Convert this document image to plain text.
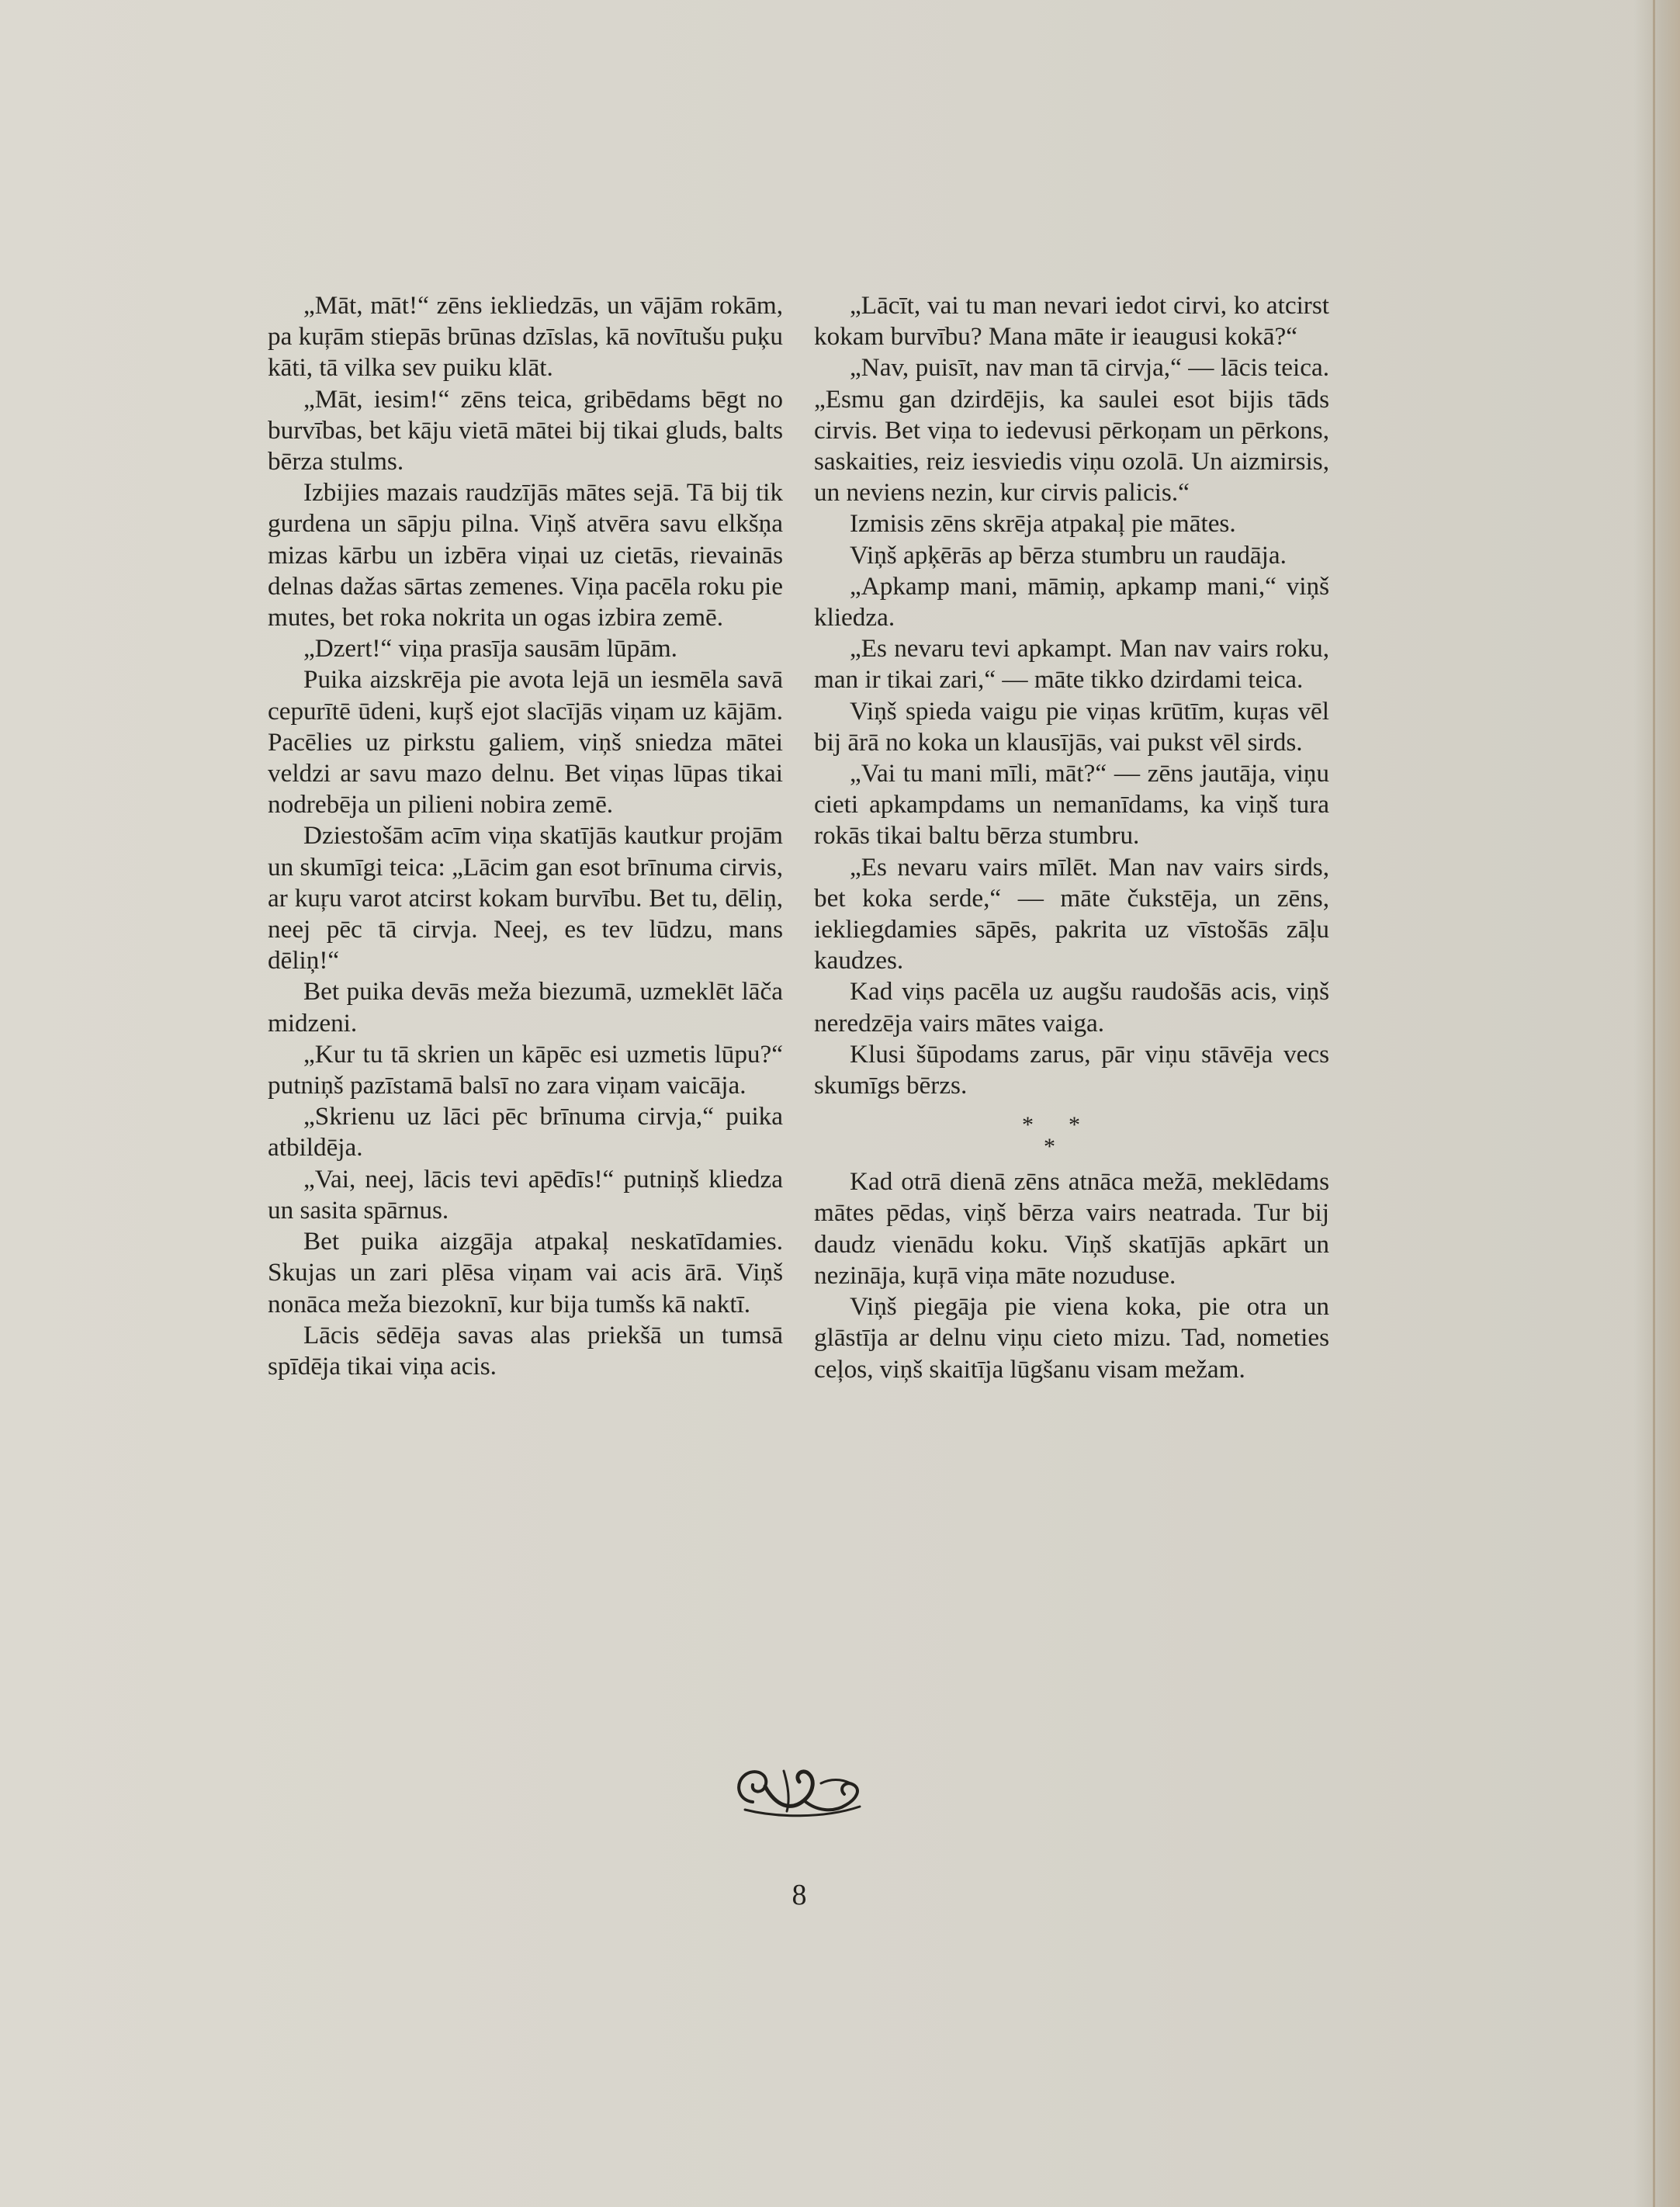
„Māt, māt!“ zēns iekliedzās, un vājām rokām, pa kuŗām stiepās brūnas dzīslas, kā novītušu puķu kāti, tā vilka sev puiku klāt.

„Māt, iesim!“ zēns teica, gribēdams bēgt no burvības, bet kāju vietā mātei bij tikai gluds, balts bērza stulms.

Izbijies mazais raudzījās mātes sejā. Tā bij tik gurdena un sāpju pilna. Viņš atvēra savu elkšņa mizas kārbu un izbēra viņai uz cietās, rievainās delnas dažas sārtas zemenes. Viņa pacēla roku pie mutes, bet roka nokrita un ogas izbira zemē.

„Dzert!“ viņa prasīja sausām lūpām.

Puika aizskrēja pie avota lejā un iesmēla savā cepurītē ūdeni, kuŗš ejot slacījās viņam uz kājām. Pacēlies uz pirkstu galiem, viņš sniedza mātei veldzi ar savu mazo delnu. Bet viņas lūpas tikai nodrebēja un pilieni nobira zemē.

Dziestošām acīm viņa skatījās kautkur projām un skumīgi teica: „Lācim gan esot brīnuma cirvis, ar kuŗu varot atcirst kokam burvību. Bet tu, dēliņ, neej pēc tā cirvja. Neej, es tev lūdzu, mans dēliņ!“

Bet puika devās meža biezumā, uzmeklēt lāča midzeni.

„Kur tu tā skrien un kāpēc esi uzmetis lūpu?“ putniņš pazīstamā balsī no zara viņam vaicāja.

„Skrienu uz lāci pēc brīnuma cirvja,“ puika atbildēja.

„Vai, neej, lācis tevi apēdīs!“ putniņš kliedza un sasita spārnus.

Bet puika aizgāja atpakaļ neskatīdamies. Skujas un zari plēsa viņam vai acis ārā. Viņš nonāca meža biezoknī, kur bija tumšs kā naktī.

Lācis sēdēja savas alas priekšā un tumsā spīdēja tikai viņa acis.

„Lācīt, vai tu man nevari iedot cirvi, ko atcirst kokam burvību? Mana māte ir ieaugusi kokā?“

„Nav, puisīt, nav man tā cirvja,“ — lācis teica. „Esmu gan dzirdējis, ka saulei esot bijis tāds cirvis. Bet viņa to iedevusi pērkoņam un pērkons, saskaities, reiz iesviedis viņu ozolā. Un aizmirsis, un neviens nezin, kur cirvis palicis.“

Izmisis zēns skrēja atpakaļ pie mātes.

Viņš apķērās ap bērza stumbru un raudāja.

„Apkamp mani, māmiņ, apkamp mani,“ viņš kliedza.

„Es nevaru tevi apkampt. Man nav vairs roku, man ir tikai zari,“ — māte tikko dzirdami teica.

Viņš spieda vaigu pie viņas krūtīm, kuŗas vēl bij ārā no koka un klausījās, vai pukst vēl sirds.

„Vai tu mani mīli, māt?“ — zēns jautāja, viņu cieti apkampdams un nemanīdams, ka viņš tura rokās tikai baltu bērza stumbru.

„Es nevaru vairs mīlēt. Man nav vairs sirds, bet koka serde,“ — māte čukstēja, un zēns, iekliegdamies sāpēs, pakrita uz vīstošās zāļu kaudzes.

Kad viņs pacēla uz augšu raudošās acis, viņš neredzēja vairs mātes vaiga.

Klusi šūpodams zarus, pār viņu stāvēja vecs skumīgs bērzs.

* *
*

Kad otrā dienā zēns atnāca mežā, meklēdams mātes pēdas, viņš bērza vairs neatrada. Tur bij daudz vienādu koku. Viņš skatījās apkārt un nezināja, kuŗā viņa māte nozuduse.

Viņš piegāja pie viena koka, pie otra un glāstīja ar delnu viņu cieto mizu. Tad, nometies ceļos, viņš skaitīja lūgšanu visam mežam.

8
